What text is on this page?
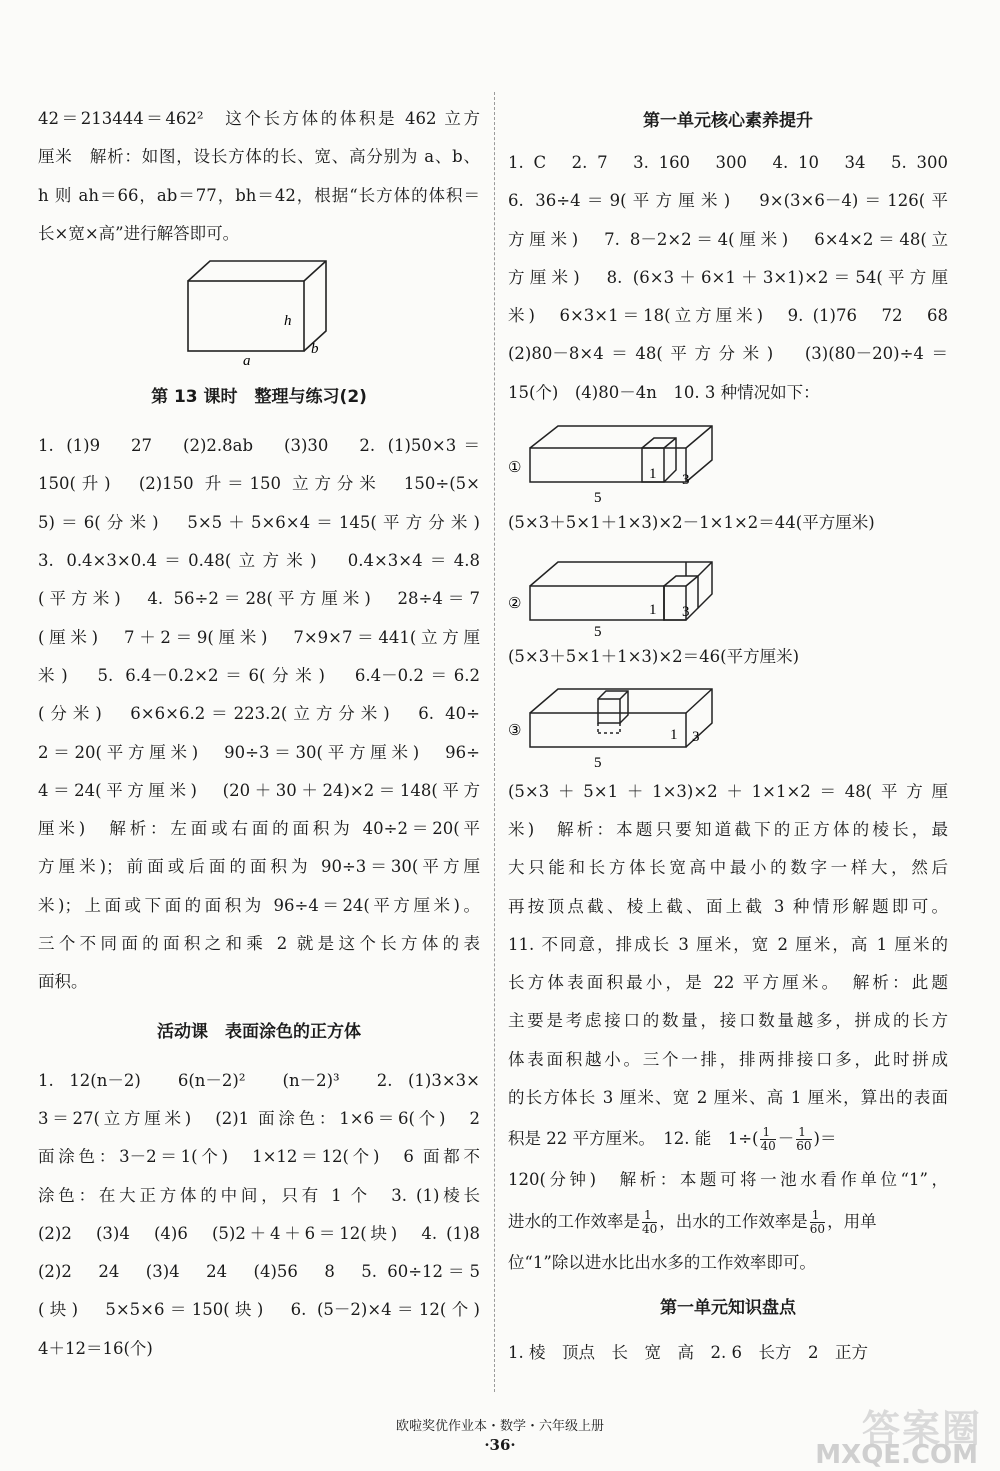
42＝213444＝462²　这个长方体的体积是 462 立方

厘米　解析：如图，设长方体的长、宽、高分别为 a、b、

h 则 ah＝66，ab＝77，bh＝42，根据“长方体的体积＝

长×宽×高”进行解答即可。

h
a
b
第 13 课时　整理与练习(2)

1. (1)9　27　(2)2.8ab　(3)30　2. (1)50×3＝

150(升)　(2)150 升＝150 立方分米　150÷(5×

5)＝6(分米)　5×5＋5×6×4＝145(平方分米)

3. 0.4×3×0.4＝0.48(立方米)　0.4×3×4＝4.8

(平方米)　4. 56÷2＝28(平方厘米)　28÷4＝7

(厘米)　7＋2＝9(厘米)　7×9×7＝441(立方厘

米)　5. 6.4－0.2×2＝6(分米)　6.4－0.2＝6.2

(分米)　6×6×6.2＝223.2(立方分米)　6. 40÷

2＝20(平方厘米)　90÷3＝30(平方厘米)　96÷

4＝24(平方厘米)　(20＋30＋24)×2＝148(平方

厘米)　解析：左面或右面的面积为 40÷2＝20(平

方厘米)；前面或后面的面积为 90÷3＝30(平方厘

米)；上面或下面的面积为 96÷4＝24(平方厘米)。

三个不同面的面积之和乘 2 就是这个长方体的表

面积。

活动课　表面涂色的正方体

1. 12(n－2)　6(n－2)²　(n－2)³　2. (1)3×3×

3＝27(立方厘米)　(2)1 面涂色：1×6＝6(个)　2

面涂色：3－2＝1(个)　1×12＝12(个)　6 面都不

涂色：在大正方体的中间，只有 1 个　3. (1)棱长

(2)2　(3)4　(4)6　(5)2＋4＋6＝12(块)　4. (1)8

(2)2　24　(3)4　24　(4)56　8　5. 60÷12＝5

(块)　5×5×6＝150(块)　6. (5－2)×4＝12(个)

4＋12＝16(个)

第一单元核心素养提升

1. C　2. 7　3. 160　300　4. 10　34　5. 300

6. 36÷4＝9(平方厘米)　9×(3×6－4)＝126(平

方厘米)　7. 8－2×2＝4(厘米)　6×4×2＝48(立

方厘米)　8. (6×3＋6×1＋3×1)×2＝54(平方厘

米)　6×3×1＝18(立方厘米)　9. (1)76　72　68

(2)80－8×4＝48(平方分米)　(3)(80－20)÷4＝

15(个)　(4)80－4n　10. 3 种情况如下：

①	1 3
5

(5×3＋5×1＋1×3)×2－1×1×2＝44(平方厘米)

②	1 3
5

(5×3＋5×1＋1×3)×2＝46(平方厘米)

③	1 3
5

(5×3＋5×1＋1×3)×2＋1×1×2＝48(平方厘

米)　解析：本题只要知道截下的正方体的棱长，最

大只能和长方体长宽高中最小的数字一样大，然后

再按顶点截、棱上截、面上截 3 种情形解题即可。

11. 不同意，排成长 3 厘米，宽 2 厘米，高 1 厘米的

长方体表面积最小，是 22 平方厘米。　解析：此题

主要是考虑接口的数量，接口数量越多，拼成的长方

体表面积越小。三个一排，排两排接口多，此时拼成

的长方体长 3 厘米、宽 2 厘米、高 1 厘米，算出的表面

积是 22 平方厘米。　12. 能　$1\div( \frac{1}{40} - \frac{1}{60}$ )＝

120(分钟)　解析：本题可将一池水看作单位“1”，

进水的工作效率是 $\frac{1}{40}$ ，出水的工作效率是 $\frac{1}{60}$ ，用单

位“1”除以进水比出水多的工作效率即可。

第一单元知识盘点

1. 棱　顶点　长　宽　高　2. 6　长方　2　正方

欧啦奖优作业本・数学・六年级上册
·36·	答案圈
MXQE.COM
